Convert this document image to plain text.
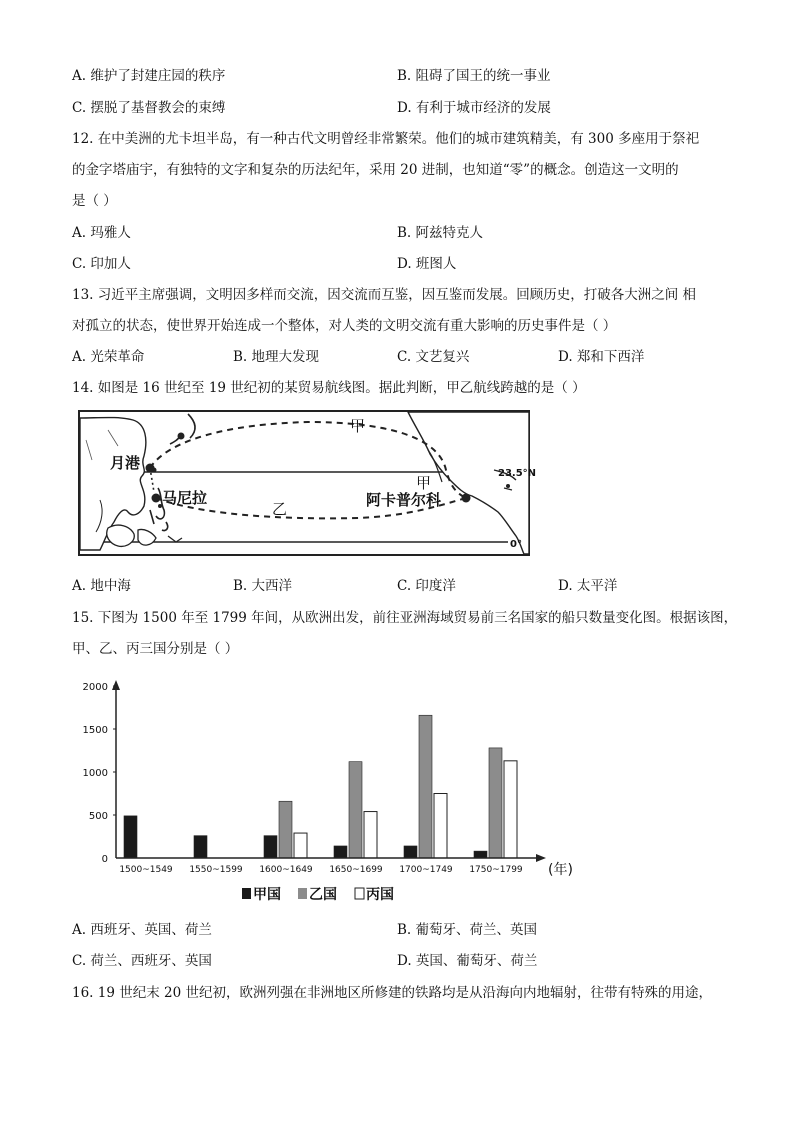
A. 维护了封建庄园的秩序	B. 阻碍了国王的统一事业
C. 摆脱了基督教会的束缚	D. 有利于城市经济的发展
12. 在中美洲的尤卡坦半岛，有一种古代文明曾经非常繁荣。他们的城市建筑精美，有 300 多座用于祭祀
的金字塔庙宇，有独特的文字和复杂的历法纪年，采用 20 进制，也知道“零”的概念。创造这一文明的
是（ ）
A. 玛雅人	B. 阿兹特克人
C. 印加人	D. 班图人
13. 习近平主席强调，文明因多样而交流，因交流而互鉴，因互鉴而发展。回顾历史，打破各大洲之间 相
对孤立的状态，使世界开始连成一个整体，对人类的文明交流有重大影响的历史事件是（ ）
A. 光荣革命	B. 地理大发现	C. 文艺复兴	D. 郑和下西洋
14. 如图是 16 世纪至 19 世纪初的某贸易航线图。据此判断，甲乙航线跨越的是（ ）
月港
马尼拉	阿卡普尔科
甲
甲
乙
23.5°N
0°
A. 地中海	B. 大西洋	C. 印度洋	D. 太平洋
15. 下图为 1500 年至 1799 年间，从欧洲出发，前往亚洲海域贸易前三名国家的船只数量变化图。根据该图，
甲、乙、丙三国分别是（ ）
0
500
1000
1500
2000
1500~1549 1550~1599 1600~1649 1650~1699 1700~1749 1750~1799 (年)
甲国 乙国 丙国
A. 西班牙、英国、荷兰	B. 葡萄牙、荷兰、英国
C. 荷兰、西班牙、英国	D. 英国、葡萄牙、荷兰
16. 19 世纪末 20 世纪初，欧洲列强在非洲地区所修建的铁路均是从沿海向内地辐射，往带有特殊的用途，
